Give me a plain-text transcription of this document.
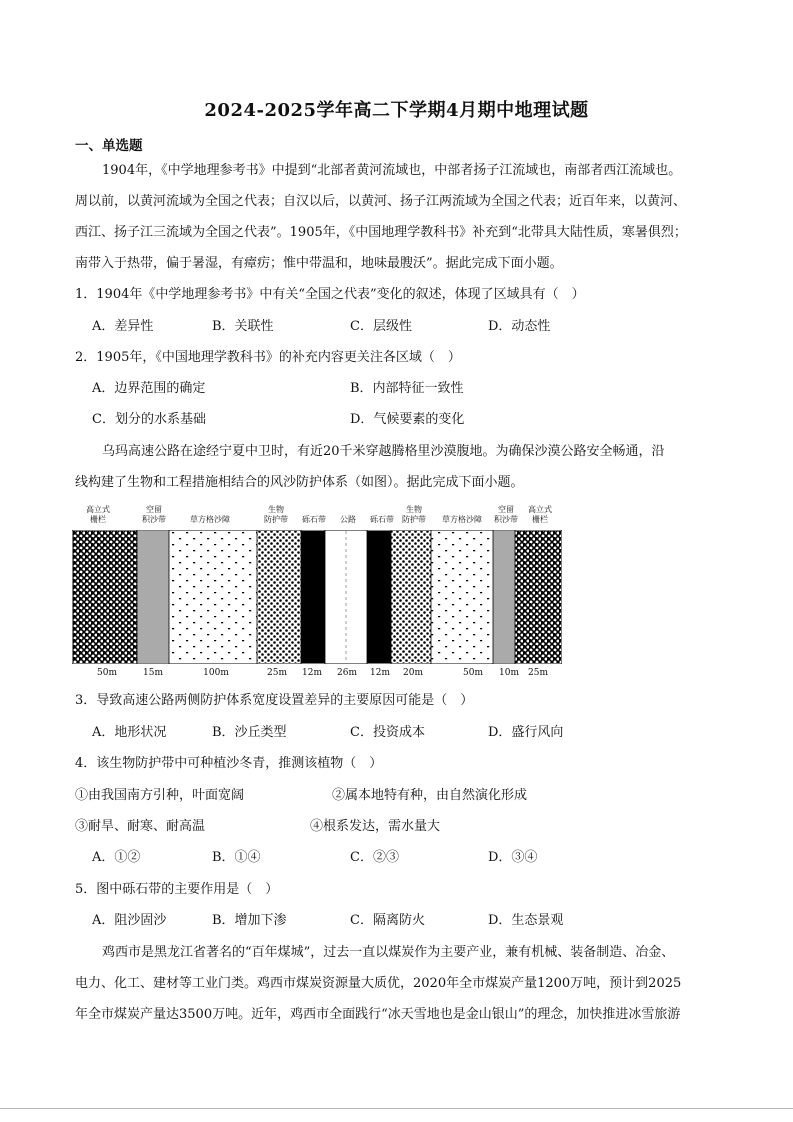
2024-2025学年高二下学期4月期中地理试题
一、单选题
1904年，《中学地理参考书》中提到“北部者黄河流域也，中部者扬子江流域也，南部者西江流域也。
周以前，以黄河流域为全国之代表；自汉以后，以黄河、扬子江两流域为全国之代表；近百年来，以黄河、
西江、扬子江三流域为全国之代表”。1905年，《中国地理学教科书》补充到“北带具大陆性质，寒暑俱烈；
南带入于热带，偏于暑湿，有瘴疠；惟中带温和，地味最膄沃”。据此完成下面小题。
1．1904年《中学地理参考书》中有关“全国之代表”变化的叙述，体现了区域具有（　）
A．差异性	B．关联性	C．层级性	D．动态性
2．1905年，《中国地理学教科书》的补充内容更关注各区域（　）
A．边界范围的确定	B．内部特征一致性
C．划分的水系基础	D．气候要素的变化
乌玛高速公路在途经宁夏中卫时，有近20千米穿越腾格里沙漠腹地。为确保沙漠公路安全畅通，沿
线构建了生物和工程措施相结合的风沙防护体系（如图）。据此完成下面小题。
高立式
栅栏
空留
积沙带	草方格沙障
生物
防护带	砾石带	公路	砾石带
生物
防护带	草方格沙障
空留
积沙带
高立式
栅栏
50m	15m	100m	25m	12m	26m	12m	20m	50m	10m	25m
3．导致高速公路两侧防护体系宽度设置差异的主要原因可能是（　）
A．地形状况	B．沙丘类型	C．投资成本	D．盛行风向
4．该生物防护带中可种植沙冬青，推测该植物（　）
①由我国南方引种，叶面宽阔	②属本地特有种，由自然演化形成
③耐旱、耐寒、耐高温	④根系发达，需水量大
A．①②	B．①④	C．②③	D．③④
5．图中砾石带的主要作用是（　）
A．阻沙固沙	B．增加下渗	C．隔离防火	D．生态景观
鸡西市是黑龙江省著名的“百年煤城”，过去一直以煤炭作为主要产业，兼有机械、装备制造、冶金、
电力、化工、建材等工业门类。鸡西市煤炭资源量大质优，2020年全市煤炭产量1200万吨，预计到2025
年全市煤炭产量达3500万吨。近年，鸡西市全面践行“冰天雪地也是金山银山”的理念，加快推进冰雪旅游
